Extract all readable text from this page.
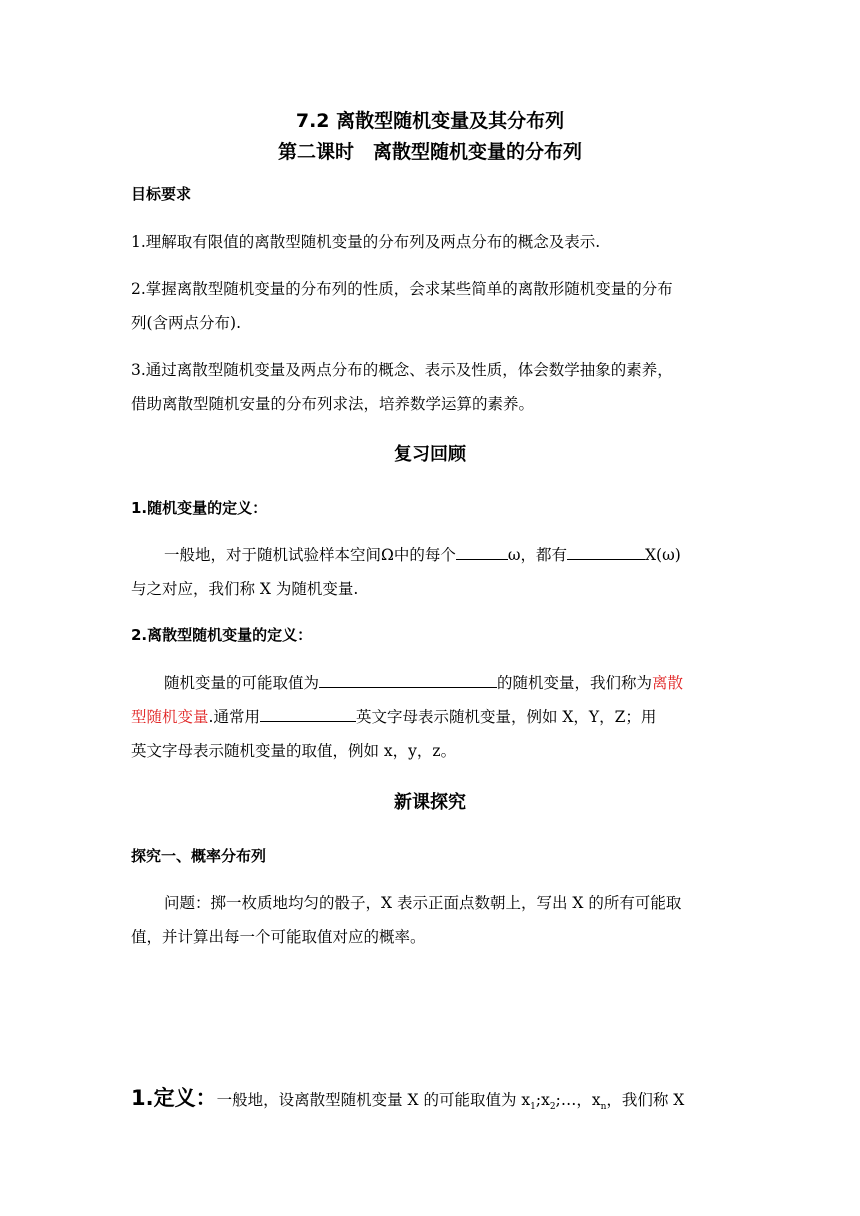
7.2 离散型随机变量及其分布列
第二课时　离散型随机变量的分布列
目标要求
1.理解取有限值的离散型随机变量的分布列及两点分布的概念及表示.
2.掌握离散型随机变量的分布列的性质，会求某些简单的离散形随机变量的分布
列(含两点分布).
3.通过离散型随机变量及两点分布的概念、表示及性质，体会数学抽象的素养，
借助离散型随机安量的分布列求法，培养数学运算的素养。
复习回顾
1.随机变量的定义：
一般地，对于随机试验样本空间Ω中的每个	ω，都有	X(ω)
与之对应，我们称 X 为随机变量.
2.离散型随机变量的定义：
随机变量的可能取值为	的随机变量，我们称为离散
型随机变量.通常用	英文字母表示随机变量，例如 X，Y，Z；用
英文字母表示随机变量的取值，例如 x，y，z。
新课探究
探究一、概率分布列
问题：掷一枚质地均匀的骰子，X 表示正面点数朝上，写出 X 的所有可能取
值，并计算出每一个可能取值对应的概率。
1.定义：一般地，设离散型随机变量 X 的可能取值为 $x_1;x_2;\dots$，$x_n$，我们称 X
